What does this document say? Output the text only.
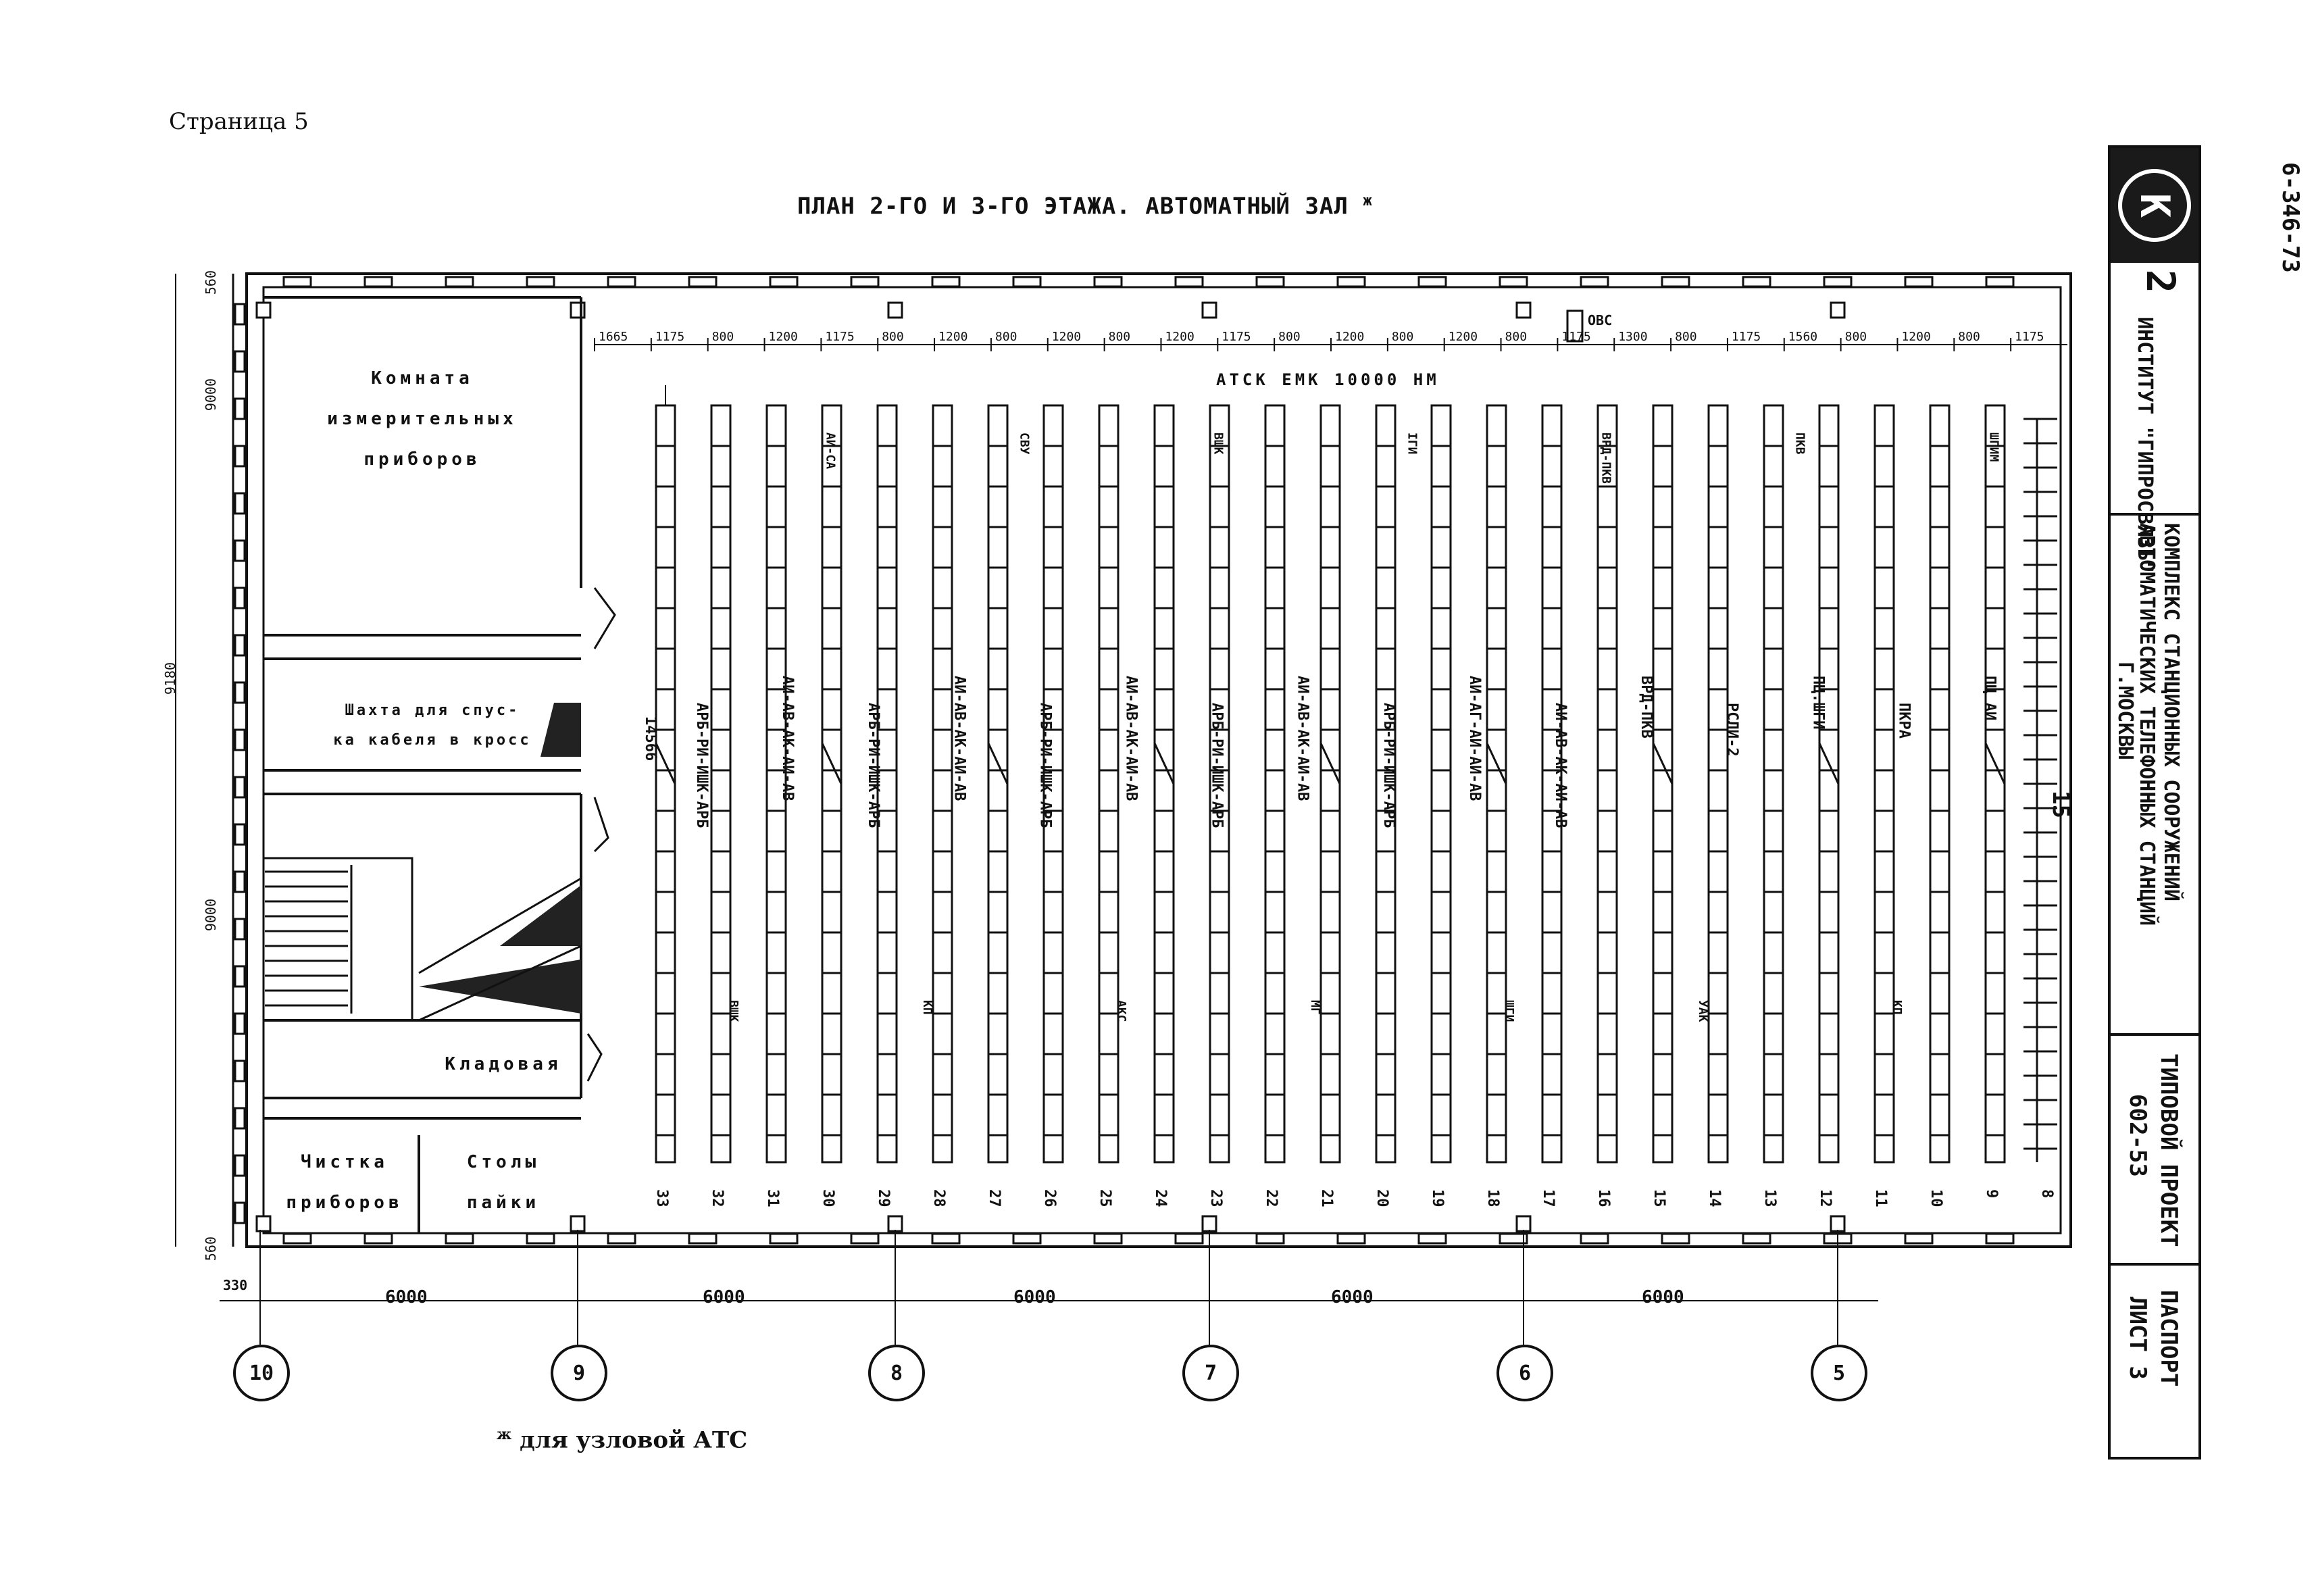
Страница 5
ПЛАН 2-ГО И 3-ГО ЭТАЖА. АВТОМАТНЫЙ ЗАЛ $^ж$
$^ж$ для узловой АТС
Комната
измерительных
приборов
Шахта для спус-
ка кабеля в кросс
Кладовая
Чистка
приборов
Столы
пайки
ОВС
АТСК ЕМК 10000 НМ
14566
1665 1175 800	1200 1175 800	1200 800	1200 800	1200 1175 800	1200 800	1200 800	1175 1300 800	1175 1560 800	1200 800	1175
560
9000
9180
9000
560
330
6000	6000	6000	6000	6000
10	9	8	7	6	5
33	32	31	30	29	28	27	26	25	24	23	22	21	20	19	18	17	16	15	14	13	12	11	10	9	8
АРБ-РИ-ИШК-АРБ	АИ-АВ-АК-АИ-АВ	АРБ-РИ-ИШК-АРБ	АИ-АВ-АК-АИ-АВ	АРБ-РИ-ИШК-АРБ	АИ-АВ-АК-АИ-АВ	АРБ-РИ-ИШК-АРБ	АИ-АВ-АК-АИ-АВ	АРБ-РИ-ИШК-АРБ	АИ-АГ-АИ-АИ-АВ	АИ-АВ-АК-АИ-АВ	ВРД-ПКВ	РСЛИ-2
ПЦ.ШГИ	ПКРА
ПЦ АИ
ВШК
АИ-СА
КП
СВУ
АКС
ВШК
МГ
IГИ
ШГИ
ВРД-ПКВ
УАК
ПКВ
КП
ШГИМ
К
2
ИНСТИТУТ "ГИПРОСВЯЗЬ"
КОМПЛЕКС СТАНЦИОННЫХ СООРУЖЕНИЙ
АВТОМАТИЧЕСКИХ ТЕЛЕФОННЫХ СТАНЦИЙ
Г.МОСКВЫ
ТИПОВОЙ ПРОЕКТ
602-53
ПАСПОРТ
ЛИСТ 3
6-346-73
15
